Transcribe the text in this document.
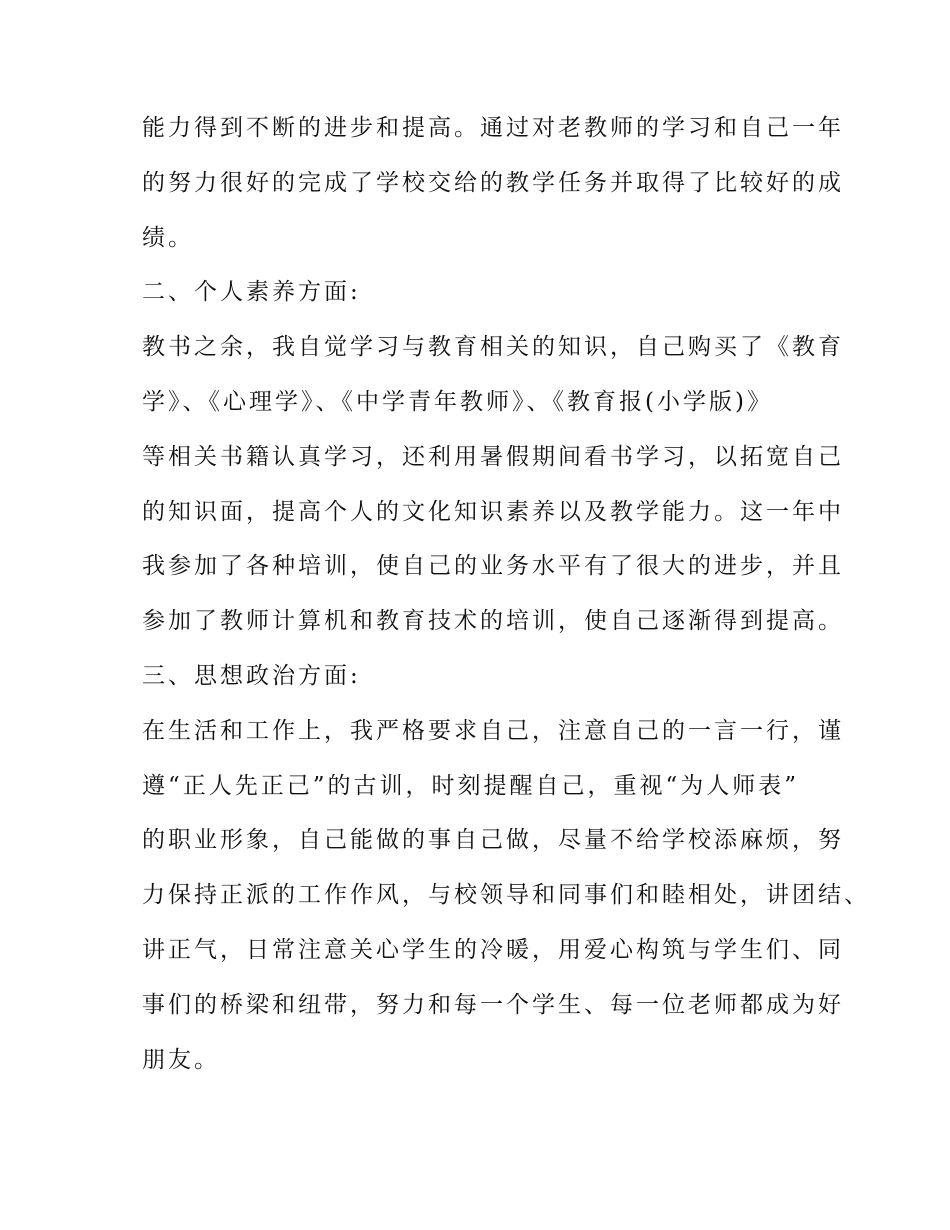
能力得到不断的进步和提高。通过对老教师的学习和自己一年
的努力很好的完成了学校交给的教学任务并取得了比较好的成
绩。
二、个人素养方面:
教书之余，我自觉学习与教育相关的知识，自己购买了《教育
学》、《心理学》、《中学青年教师》、《教育报(小学版)》
等相关书籍认真学习，还利用暑假期间看书学习，以拓宽自己
的知识面，提高个人的文化知识素养以及教学能力。这一年中
我参加了各种培训，使自己的业务水平有了很大的进步，并且
参加了教师计算机和教育技术的培训，使自己逐渐得到提高。
三、思想政治方面:
在生活和工作上，我严格要求自己，注意自己的一言一行，谨
遵“正人先正己”的古训，时刻提醒自己，重视“为人师表”
的职业形象，自己能做的事自己做，尽量不给学校添麻烦，努
力保持正派的工作作风，与校领导和同事们和睦相处，讲团结、
讲正气，日常注意关心学生的冷暖，用爱心构筑与学生们、同
事们的桥梁和纽带，努力和每一个学生、每一位老师都成为好
朋友。
